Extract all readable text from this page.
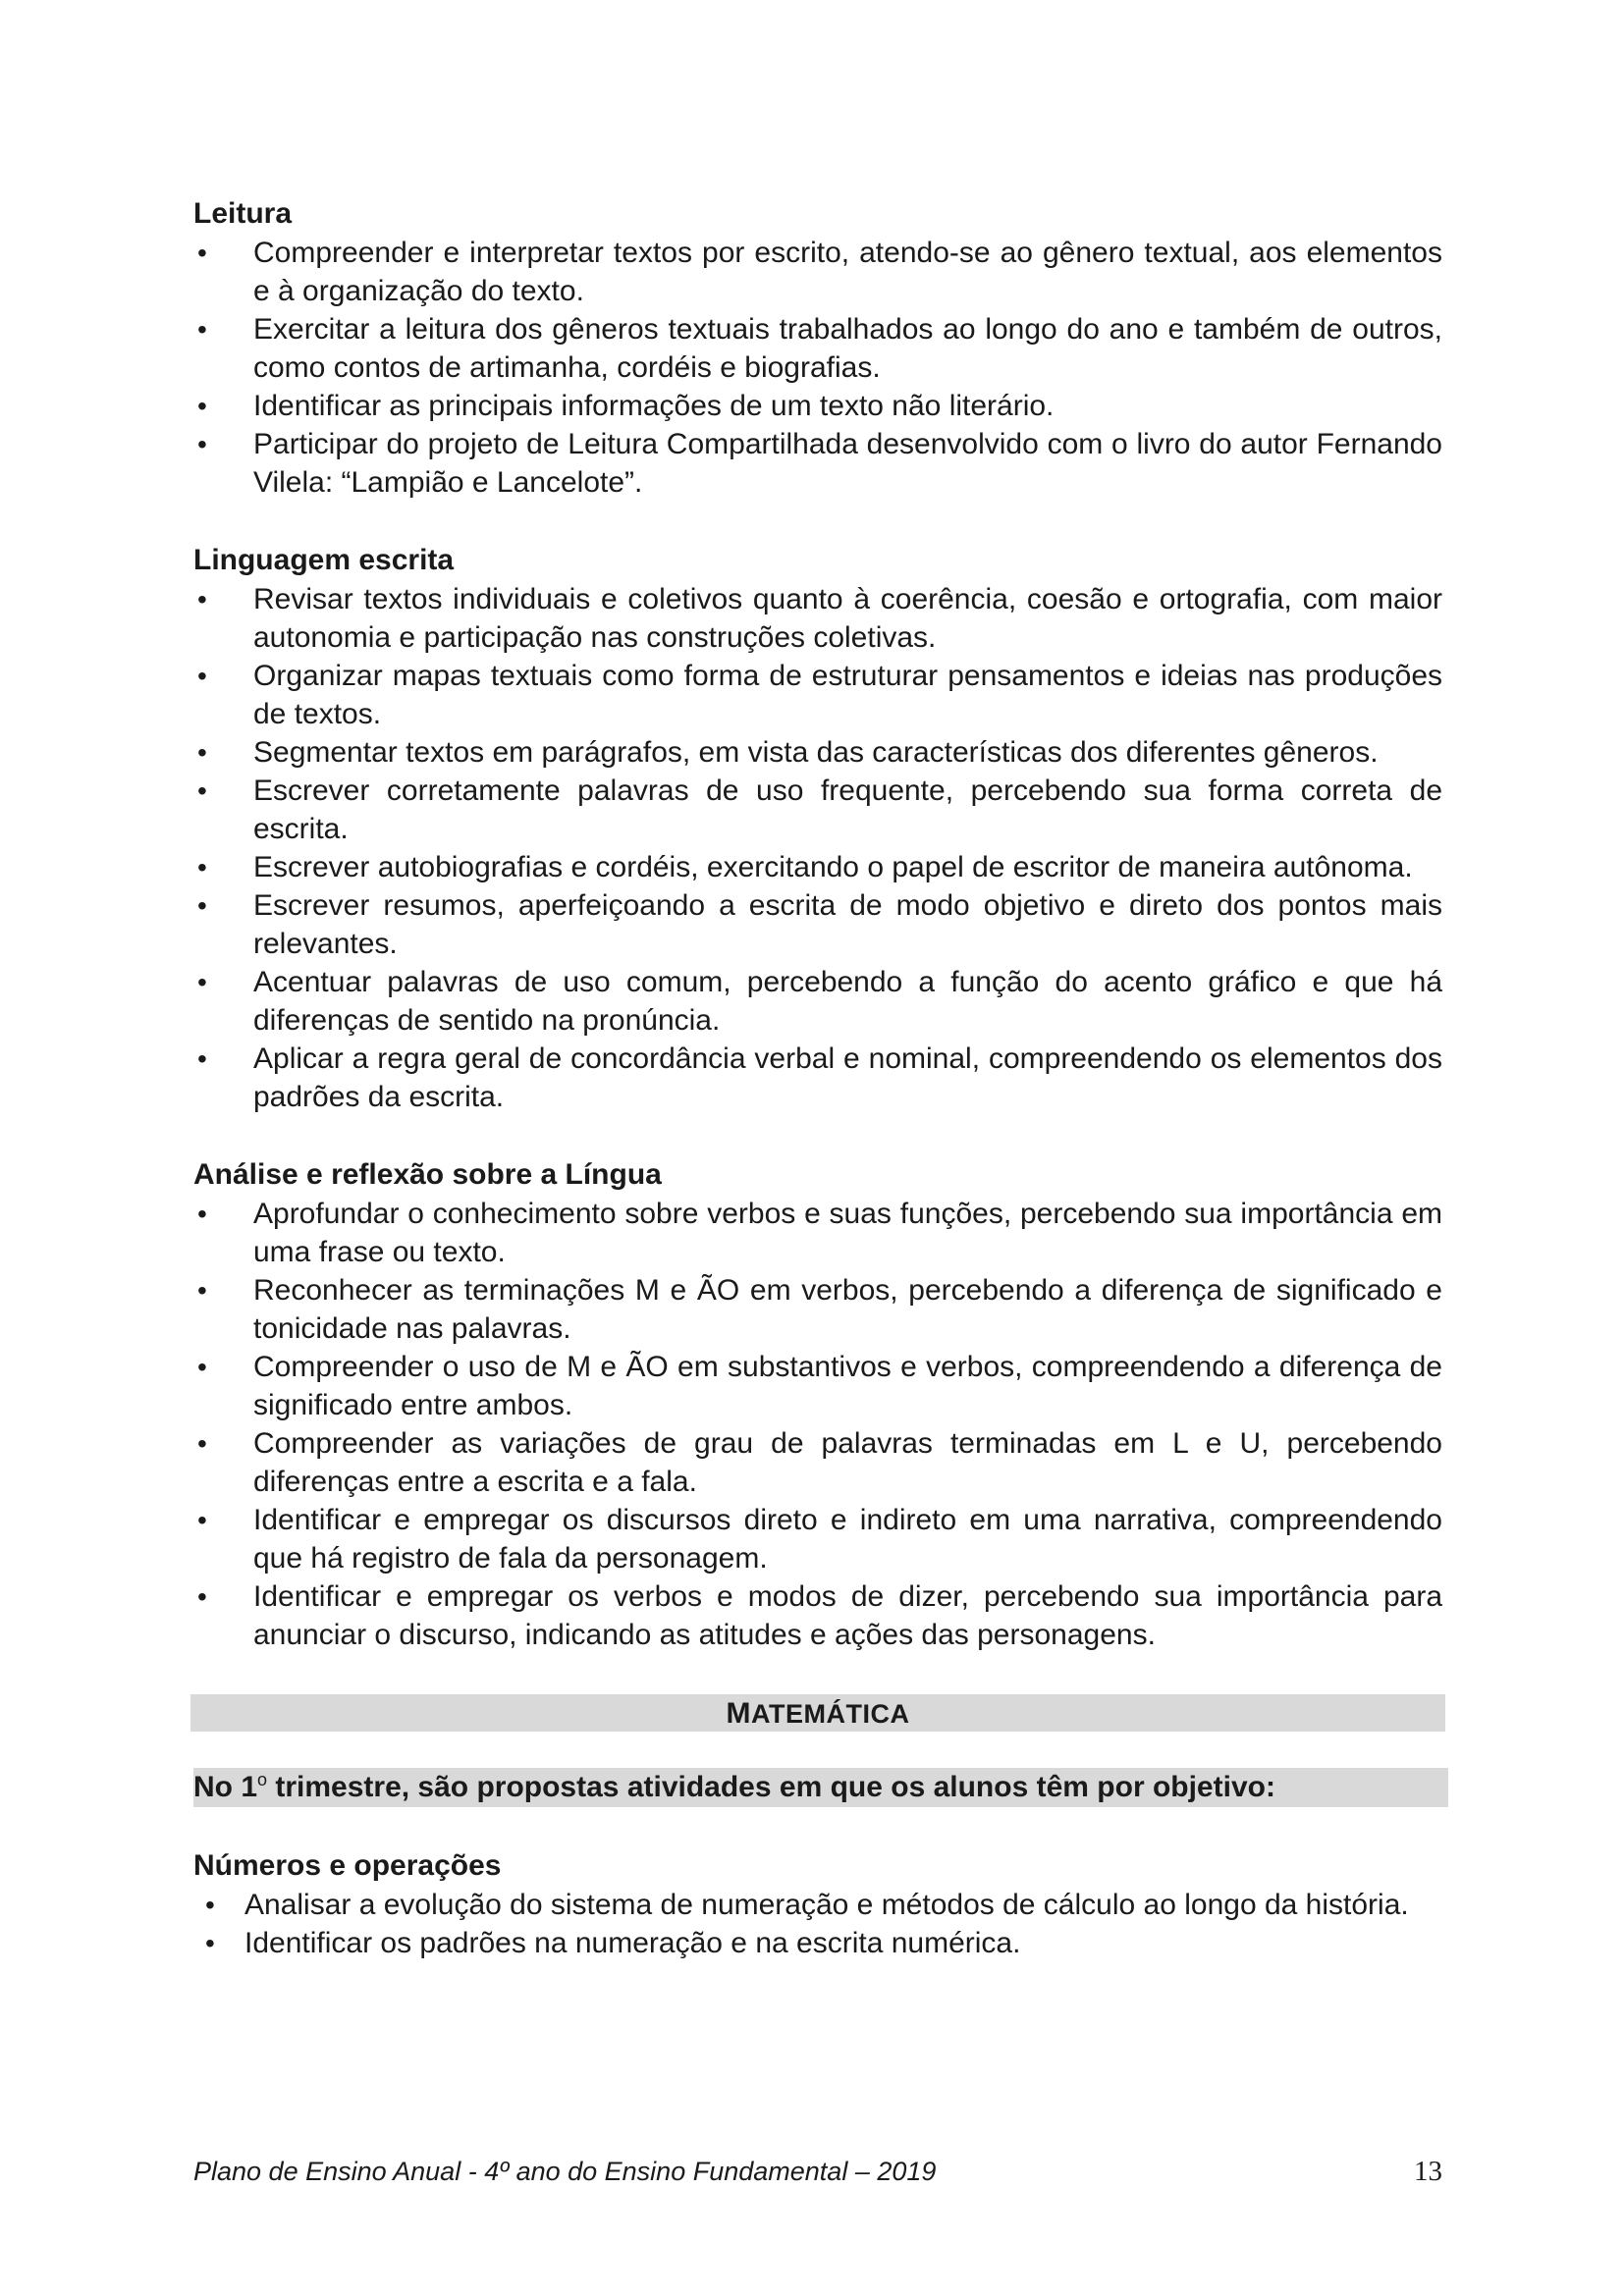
Leitura

• Compreender e interpretar textos por escrito, atendo-se ao gênero textual, aos elementos e à organização do texto.
• Exercitar a leitura dos gêneros textuais trabalhados ao longo do ano e também de outros, como contos de artimanha, cordéis e biografias.
• Identificar as principais informações de um texto não literário.
• Participar do projeto de Leitura Compartilhada desenvolvido com o livro do autor Fernando Vilela: “Lampião e Lancelote”.

Linguagem escrita

• Revisar textos individuais e coletivos quanto à coerência, coesão e ortografia, com maior autonomia e participação nas construções coletivas.
• Organizar mapas textuais como forma de estruturar pensamentos e ideias nas produções de textos.
• Segmentar textos em parágrafos, em vista das características dos diferentes gêneros.
• Escrever corretamente palavras de uso frequente, percebendo sua forma correta de escrita.
• Escrever autobiografias e cordéis, exercitando o papel de escritor de maneira autônoma.
• Escrever resumos, aperfeiçoando a escrita de modo objetivo e direto dos pontos mais relevantes.
• Acentuar palavras de uso comum, percebendo a função do acento gráfico e que há diferenças de sentido na pronúncia.
• Aplicar a regra geral de concordância verbal e nominal, compreendendo os elementos dos padrões da escrita.

Análise e reflexão sobre a Língua

• Aprofundar o conhecimento sobre verbos e suas funções, percebendo sua importância em uma frase ou texto.
• Reconhecer as terminações M e ÃO em verbos, percebendo a diferença de significado e tonicidade nas palavras.
• Compreender o uso de M e ÃO em substantivos e verbos, compreendendo a diferença de significado entre ambos.
• Compreender as variações de grau de palavras terminadas em L e U, percebendo diferenças entre a escrita e a fala.
• Identificar e empregar os discursos direto e indireto em uma narrativa, compreendendo que há registro de fala da personagem.
• Identificar e empregar os verbos e modos de dizer, percebendo sua importância para anunciar o discurso, indicando as atitudes e ações das personagens.
MATEMÁTICA
No 1$^o$ trimestre, são propostas atividades em que os alunos têm por objetivo:

Números e operações

• Analisar a evolução do sistema de numeração e métodos de cálculo ao longo da história.
• Identificar os padrões na numeração e na escrita numérica.
Plano de Ensino Anual - 4º ano do Ensino Fundamental – 2019	13
